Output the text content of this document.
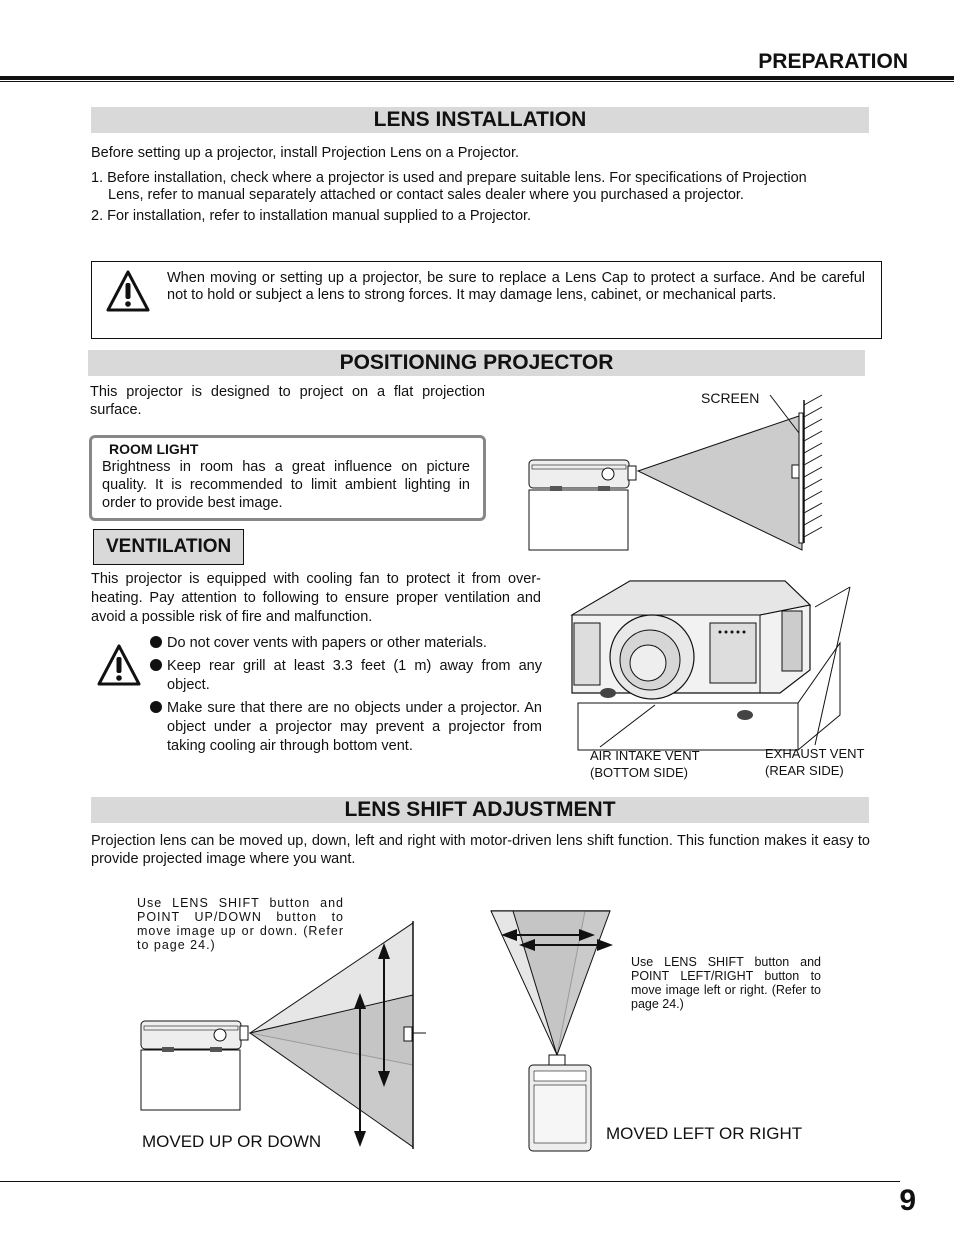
PREPARATION
LENS INSTALLATION
Before setting up a projector, install Projection Lens on a Projector.
1. Before installation, check where a projector is used and prepare suitable lens. For specifications of Projection
Lens, refer to manual separately attached or contact sales dealer where you purchased a projector.
2. For installation, refer to installation manual supplied to a Projector.
When moving or setting up a projector, be sure to replace a Lens Cap to protect a surface. And be careful not to hold or subject a lens to strong forces. It may damage lens, cabinet, or mechanical parts.
POSITIONING PROJECTOR
This projector is designed to project on a flat projection surface.
ROOM LIGHT
Brightness in room has a great influence on picture quality. It is recommended to limit ambient lighting in order to provide best image.
SCREEN
VENTILATION
This projector is equipped with cooling fan to protect it from over-heating. Pay attention to following to ensure proper ventilation and avoid a possible risk of fire and malfunction.
Do not cover vents with papers or other materials.
Keep rear grill at least 3.3 feet (1 m) away from any object.
Make sure that there are no objects under a projector. An object under a projector may prevent a projector from taking cooling air through bottom vent.
AIR INTAKE VENT
(BOTTOM SIDE)
EXHAUST VENT
(REAR SIDE)
LENS SHIFT ADJUSTMENT
Projection lens can be moved up, down, left and right with motor-driven lens shift function. This function makes it easy to provide projected image where you want.
Use LENS SHIFT button and POINT UP/DOWN button to move image up or down. (Refer to page 24.)
Use LENS SHIFT button and POINT LEFT/RIGHT button to move image left or right. (Refer to page 24.)
MOVED UP OR DOWN	MOVED LEFT OR RIGHT
9
